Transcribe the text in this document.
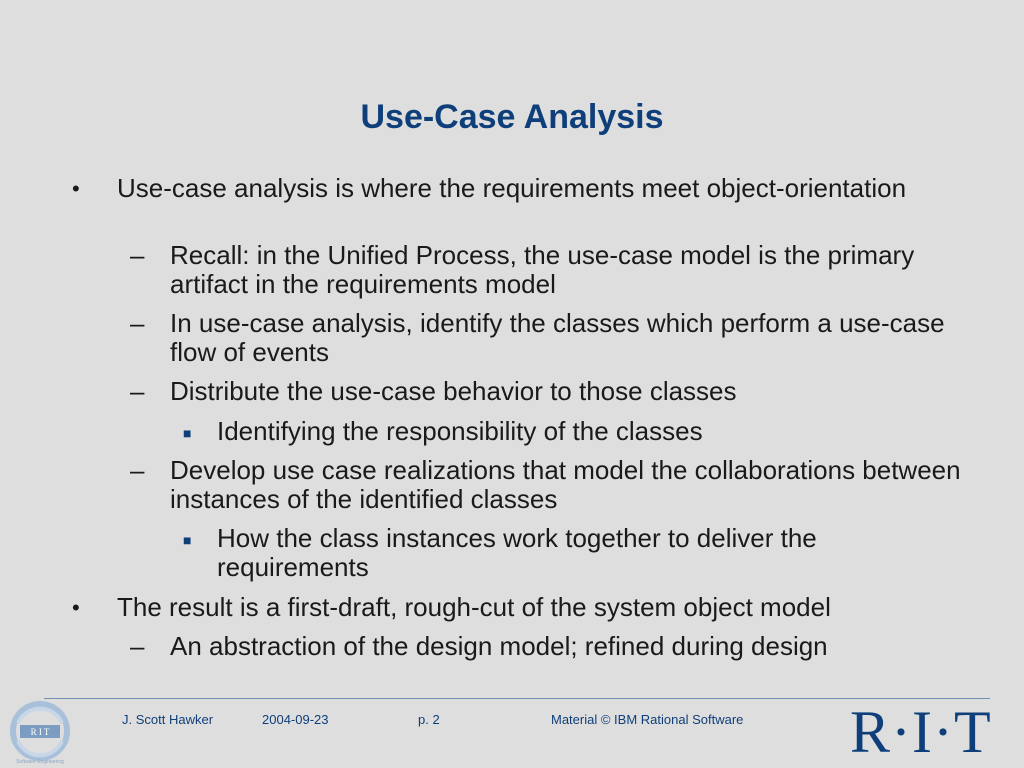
Use-Case Analysis
• Use-case analysis is where the requirements meet object-orientation
– Recall: in the Unified Process, the use-case model is the primary artifact in the requirements model
– In use-case analysis, identify the classes which perform a use-case flow of events
– Distribute the use-case behavior to those classes
■ Identifying the responsibility of the classes
– Develop use case realizations that model the collaborations between instances of the identified classes
■ How the class instances work together to deliver the requirements
• The result is a first-draft, rough-cut of the system object model
– An abstraction of the design model; refined during design
R I T
Software Engineering
J. Scott Hawker	2004-09-23	p. 2	Material © IBM Rational Software R·I·T
